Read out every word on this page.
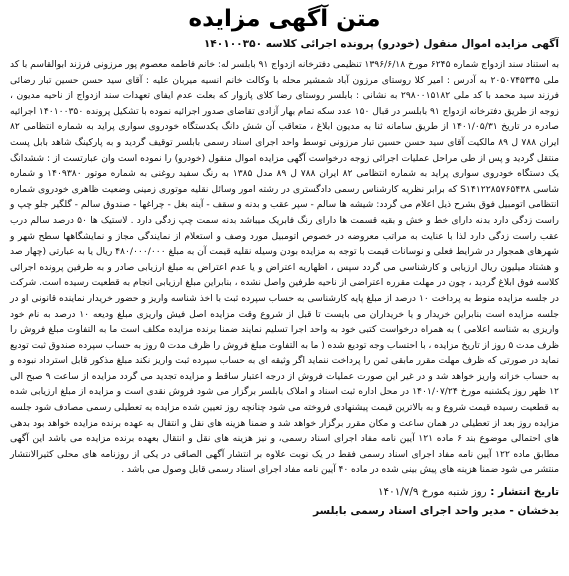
متن آگهی مزایده
آگهی مزایده اموال منقول (خودرو) پرونده اجرائی کلاسه ۱۴۰۱۰۰۳۵۰

به استناد سند ازدواج شماره ۶۲۴۵ مورخ ۱۳۹۶/۶/۱۸ تنظیمی دفترخانه ازدواج ۹۱ بابلسر له: خانم فاطمه معصوم پور مرزونی فرزند ابوالقاسم با کد ملی ۲۰۵۰۷۴۵۳۴۵ به آدرس : امیر کلا روستای مرزون آباد شمشیر محله با وکالت خانم انسیه میربان علیه : آقای سید حسن حسین تبار رضائی فرزند سید محمد با کد ملی ۲۹۸۰۰۱۵۱۸۲ به نشانی : بابلسر روستای رضا کلای پازوار که بعلت عدم ایفای تعهدات سند ازدواج از ناحیه مدیون ، زوجه از طریق دفترخانه ازدواج ۹۱ بابلسر در قبال ۱۵۰ عدد سکه تمام بهار آزادی تقاضای صدور اجرائیه نموده با تشکیل پرونده ۱۴۰۱۰۰۳۵۰ اجرائیه صادره در تاریخ ۱۴۰۱/۰۵/۳۱ از طریق سامانه ثنا به مدیون ابلاغ ، متعاقب آن شش دانگ یکدستگاه خودروی سواری پراید به شماره انتظامی ۸۲ ایران ۷۸۸ ل ۸۹ مالکیت آقای سید حسن حسین تبار مرزونی توسط واحد اجرای اسناد رسمی بابلسر توقیف گردید و به پارکینگ شاهد بابل پست منتقل گردید و پس از طی مراحل عملیات اجرائی زوجه درخواست آگهی مزایده اموال منقول (خودرو) را نموده است وان عبارتست از : ششدانگ یک دستگاه خودروی سواری پراید به شماره انتظامی ۸۲ ایران ۷۸۸ ل ۸۹ مدل ۱۳۸۵ به رنگ سفید روغنی به شماره موتور ۱۴۰۹۳۸۰ و شماره شاسی S۱۴۱۲۲۸۵۷۶۵۴۳۸ که برابر نظریه کارشناس رسمی دادگستری در رشته امور وسائل نقلیه موتوری زمینی وضعیت ظاهری خودروی شماره انتظامی اتومبیل فوق بشرح ذیل اعلام می گردد: شیشه ها سالم - سپر عقب و بدنه و سقف - آینه بغل - چراغها - صندوق سالم - گلگیر جلو چپ و راست زدگی دارد بدنه دارای خط و خش و بقیه قسمت ها دارای رنگ فابریک میباشد بدنه سمت چپ زدگی دارد . لاستیک ها ۵۰ درصد سالم درب عقب راست زدگی دارد لذا با عنایت به مراتب معروضه در خصوص اتومبیل مورد وصف و استعلام از نمایندگی مجاز و نمایشگاهها سطح شهر و شهرهای همجوار در شرایط فعلی و نوسانات قیمت با توجه به مزایده بودن وسیله نقلیه قیمت آن به مبلغ ۴۸۰/۰۰۰/۰۰۰ ریال یا به عبارتی (چهار صد و هشتاد میلیون ریال ارزیابی و کارشناسی می گردد سپس ، اظهاریه اعتراض و یا عدم اعتراض به مبلغ ارزیابی صادر و به طرفین پرونده اجرائی کلاسه فوق ابلاغ گردید ، چون در مهلت مقرره اعتراضی از ناحیه طرفین واصل نشده ، بنابراین مبلغ ارزیابی انجام به قطعیت رسیده است. شرکت در جلسه مزایده منوط به پرداخت ۱۰ درصد از مبلغ پایه کارشناسی به حساب سپرده ثبت با اخذ شناسه واریز و حضور خریدار نماینده قانونی او در جلسه مزایده است بنابراین خریدار و یا خریداران می بایست تا قبل از شروع وقت مزایده اصل فیش واریزی مبلغ ودیعه ۱۰ درصد به نام خود واریزی به شناسه اعلامی ) به همراه درخواست کتبی خود به واحد اجرا تسلیم نمایند ضمنا برنده مزایده مکلف است ما به التفاوت مبلغ فروش را ظرف مدت ۵ روز از تاریخ مزایده ، با احتساب وجه تودیع شده ( ما به التفاوت مبلغ فروش را ظرف مدت ۵ روز به حساب سپرده صندوق ثبت تودیع نماید در صورتی که ظرف مهلت مقرر مابقی ثمن را پرداخت ننماید اگر وثیقه ای به حساب سپرده ثبت واریز نکند مبلغ مذکور قابل استرداد نبوده و به حساب خزانه واریز خواهد شد و در غیر این صورت عملیات فروش از درجه اعتبار ساقط و مزایده تجدید می گردد مزایده از ساعت ۹ صبح الی ۱۲ ظهر روز یکشنبه مورخ ۱۴۰۱/۰۷/۲۴ در محل اداره ثبت اسناد و املاک بابلسر برگزار می شود فروش نقدی است و مزایده از مبلغ ارزیابی شده به قطعیت رسیده قیمت شروع و به بالاترین قیمت پیشنهادی فروخته می شود چنانچه روز تعیین شده مزایده به تعطیلی رسمی مصادف شود جلسه مزایده روز بعد از تعطیلی در همان ساعت و مکان مقرر برگزار خواهد شد و ضمنا هزینه های نقل و انتقال به عهده برنده مزایده خواهد بود بدهی های احتمالی موضوع بند ۶ ماده ۱۲۱ آیین نامه مفاد اجرای اسناد رسمی، و نیز هزینه های نقل و انتقال بعهده برنده مزایده می باشد این آگهی مطابق ماده ۱۲۲ آیین نامه مفاد اجرای اسناد رسمی فقط در یک نوبت علاوه بر انتشار آگهی الصاقی در یکی از روزنامه های محلی کثیرالانتشار منتشر می شود ضمنا هزینه های پیش بینی شده در ماده ۴۰ آیین نامه مفاد اجرای اسناد رسمی قابل وصول می باشد .

تاریخ انتشار : روز شنبه مورخ ۱۴۰۱/۷/۹
بدخشان - مدیر واحد اجرای اسناد رسمی بابلسر
